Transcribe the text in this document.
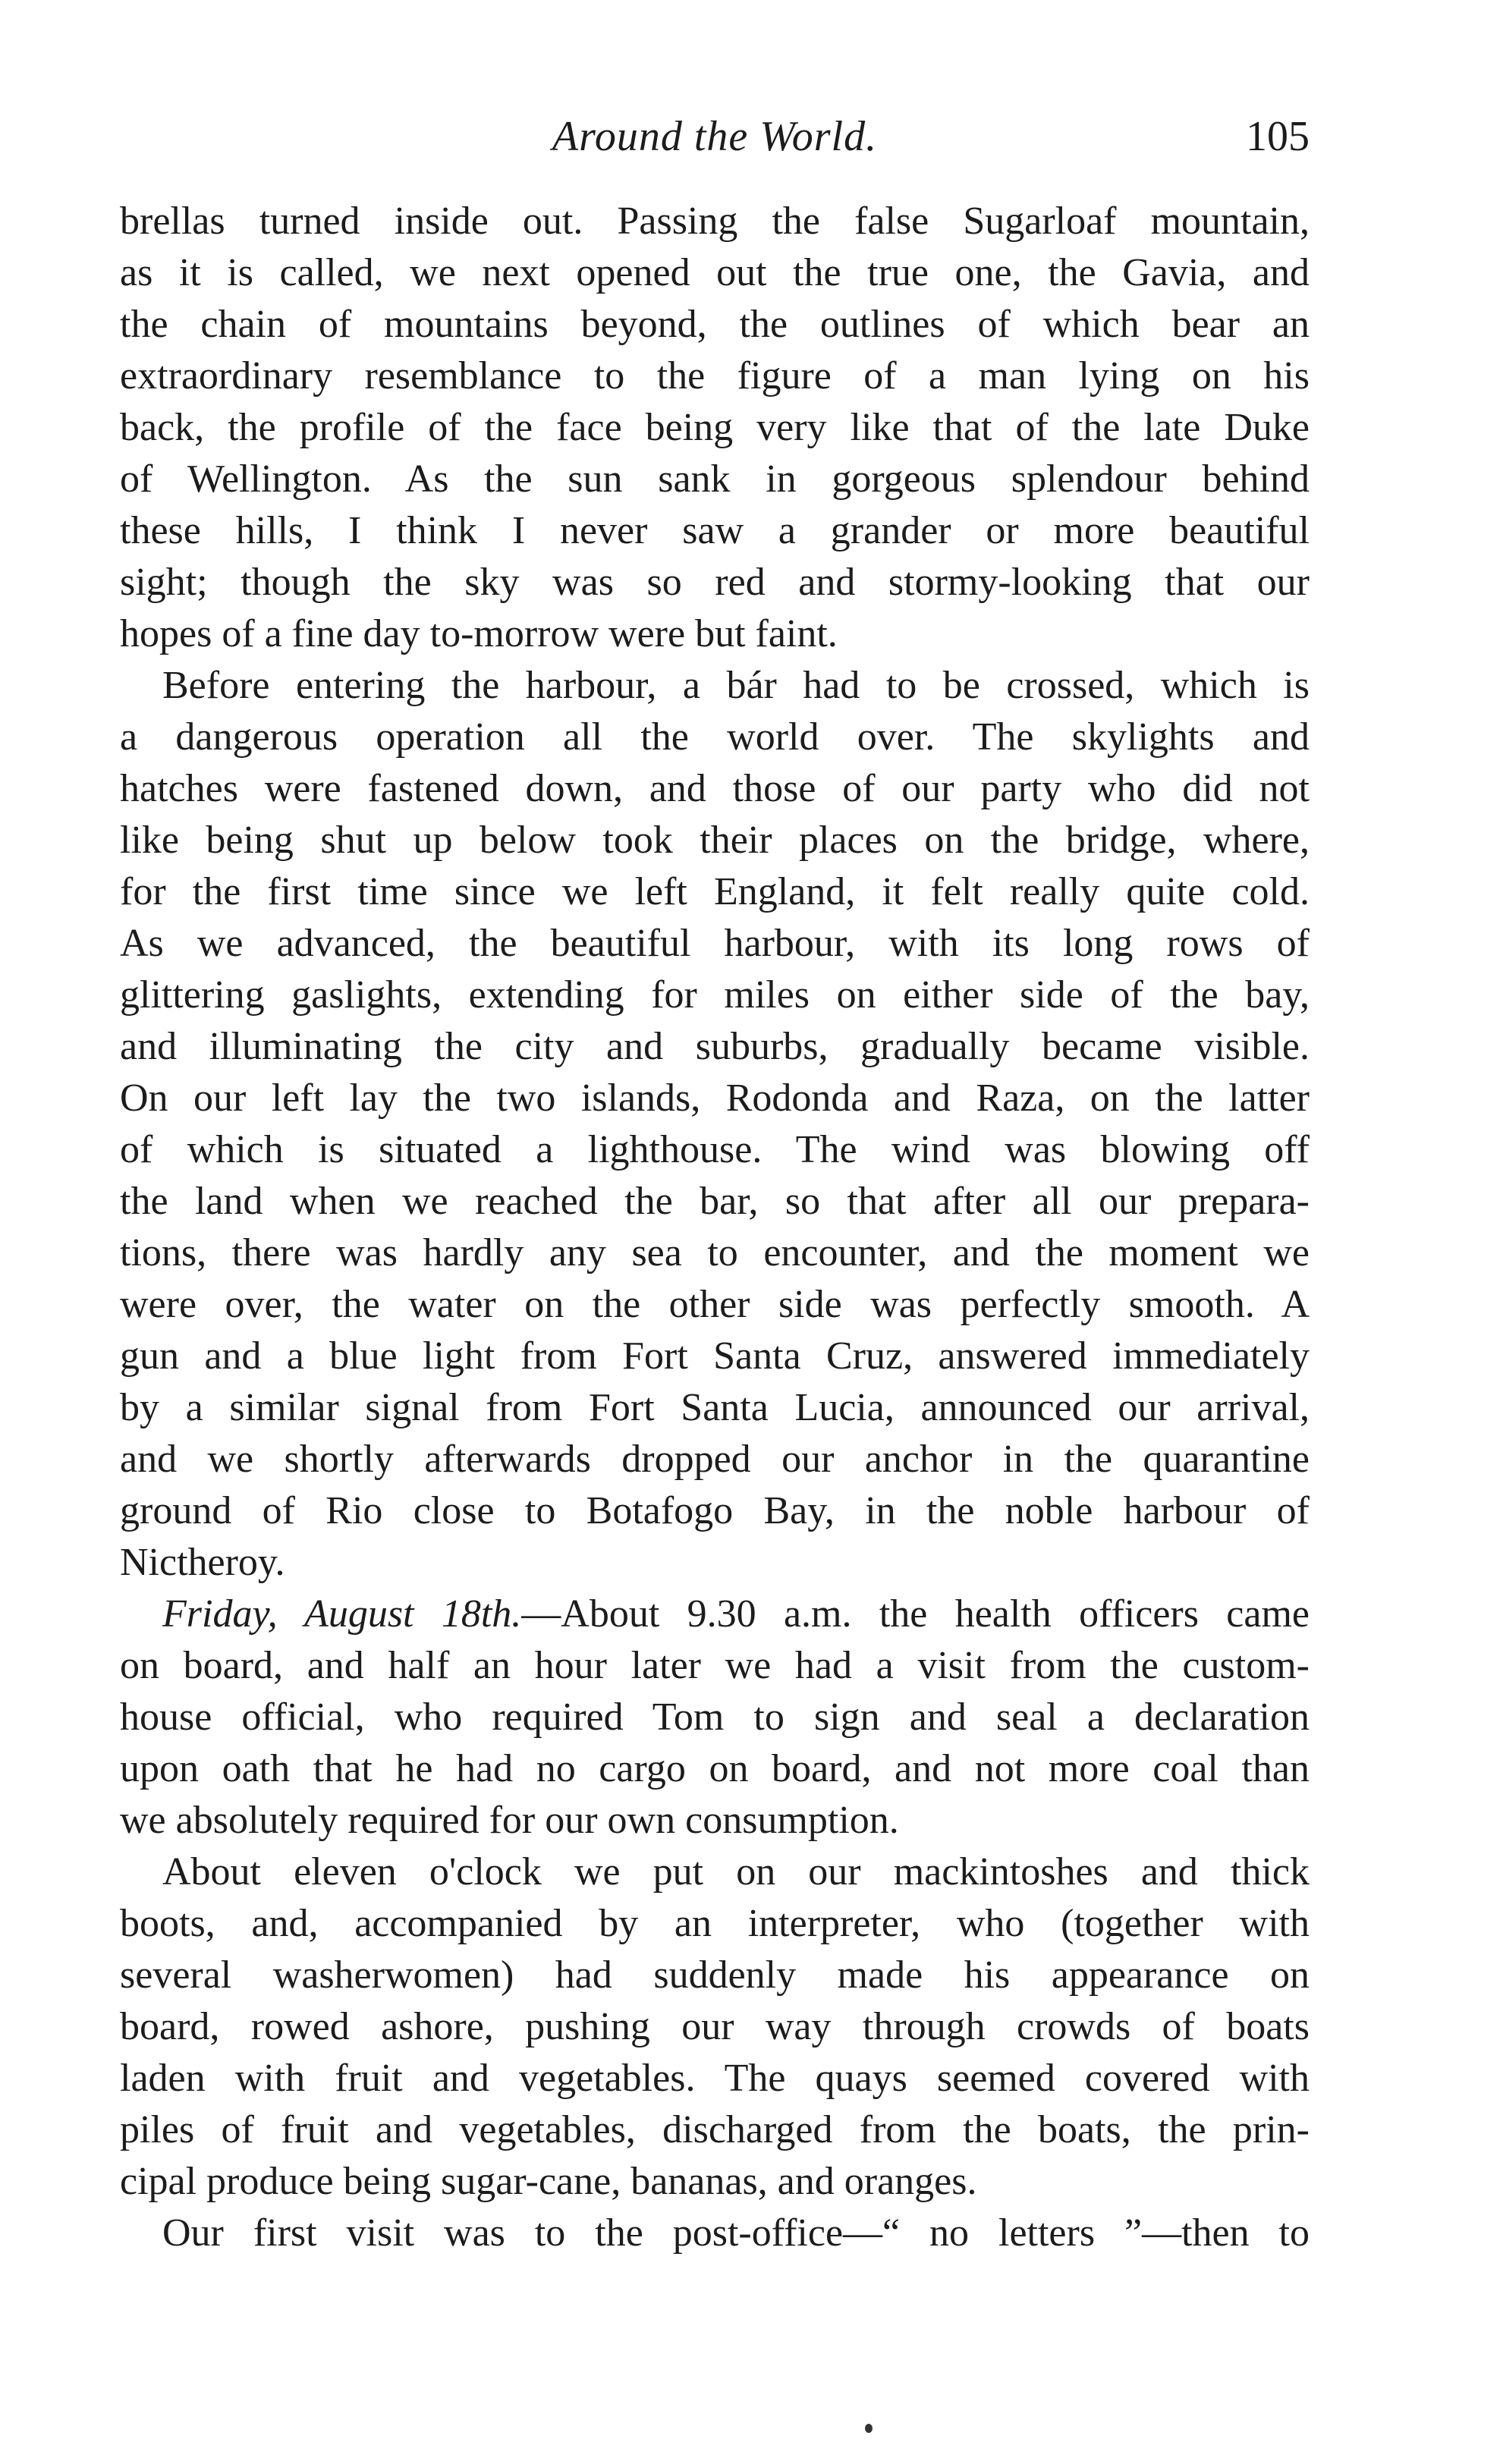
Around the World.	105
brellas turned inside out. Passing the false Sugarloaf mountain,
as it is called, we next opened out the true one, the Gavia, and
the chain of mountains beyond, the outlines of which bear an
extraordinary resemblance to the figure of a man lying on his
back, the profile of the face being very like that of the late Duke
of Wellington. As the sun sank in gorgeous splendour behind
these hills, I think I never saw a grander or more beautiful
sight; though the sky was so red and stormy-looking that our
hopes of a fine day to-morrow were but faint.
Before entering the harbour, a bár had to be crossed, which is
a dangerous operation all the world over. The skylights and
hatches were fastened down, and those of our party who did not
like being shut up below took their places on the bridge, where,
for the first time since we left England, it felt really quite cold.
As we advanced, the beautiful harbour, with its long rows of
glittering gaslights, extending for miles on either side of the bay,
and illuminating the city and suburbs, gradually became visible.
On our left lay the two islands, Rodonda and Raza, on the latter
of which is situated a lighthouse. The wind was blowing off
the land when we reached the bar, so that after all our prepara-
tions, there was hardly any sea to encounter, and the moment we
were over, the water on the other side was perfectly smooth. A
gun and a blue light from Fort Santa Cruz, answered immediately
by a similar signal from Fort Santa Lucia, announced our arrival,
and we shortly afterwards dropped our anchor in the quarantine
ground of Rio close to Botafogo Bay, in the noble harbour of
Nictheroy.
Friday, August 18th.—About 9.30 a.m. the health officers came
on board, and half an hour later we had a visit from the custom-
house official, who required Tom to sign and seal a declaration
upon oath that he had no cargo on board, and not more coal than
we absolutely required for our own consumption.
About eleven o'clock we put on our mackintoshes and thick
boots, and, accompanied by an interpreter, who (together with
several washerwomen) had suddenly made his appearance on
board, rowed ashore, pushing our way through crowds of boats
laden with fruit and vegetables. The quays seemed covered with
piles of fruit and vegetables, discharged from the boats, the prin-
cipal produce being sugar-cane, bananas, and oranges.
Our first visit was to the post-office—“ no letters ”—then to
